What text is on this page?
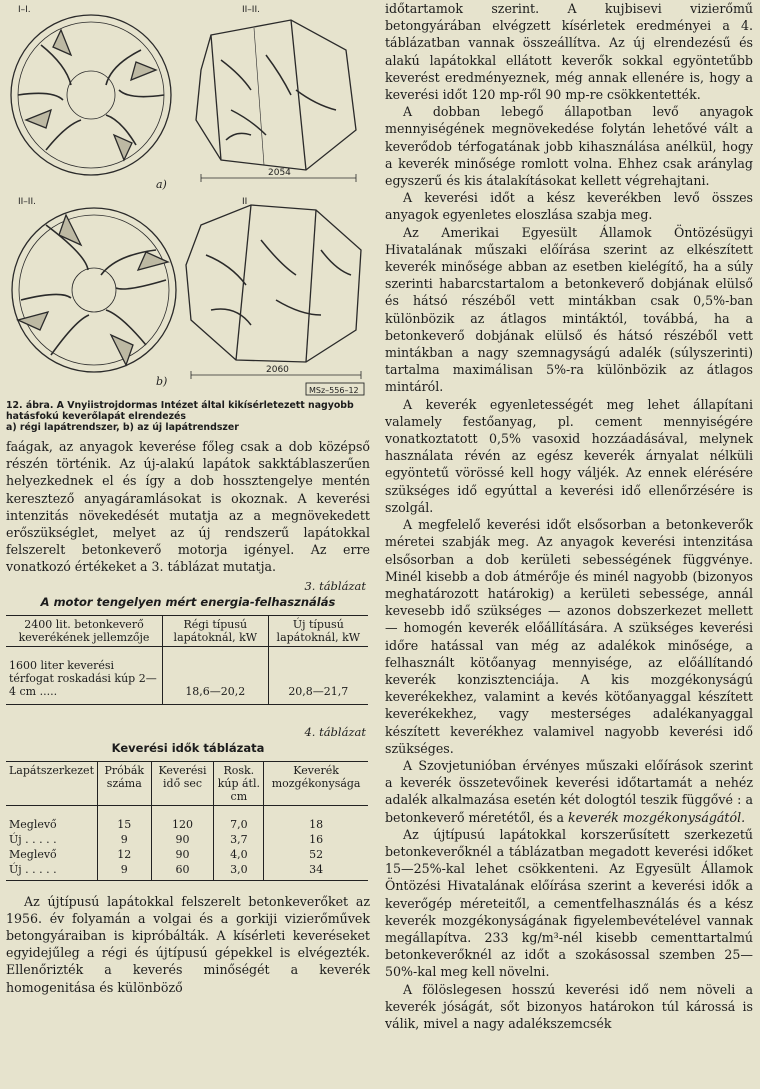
I–I.	II–II.
2054
a)
II–II.	II
2060
b)
MSz–556–12

12. ábra. A Vnyiistrojdormas Intézet által kikísérletezett nagyobb hatásfokú keverőlapát elrendezés
a) régi lapátrendszer, b) az új lapátrendszer

faágak, az anyagok keverése főleg csak a dob középső részén történik. Az új-alakú lapátok sakktáblaszerűen helyezkednek el és így a dob hossztengelye mentén keresztező anyagáramlásokat is okoznak. A keverési intenzitás növekedését mutatja az a megnövekedett erőszükséglet, melyet az új rendszerű lapátokkal felszerelt betonkeverő motorja igényel. Az erre vonatkozó értékeket a 3. táblázat mutatja.

3. táblázat

A motor tengelyen mért energia-felhasználás

2400 lit. betonkeverő keverékének jellemzője	Régi típusú lapátoknál, kW	Új típusú lapátoknál, kW
1600 liter keverési térfogat roskadási kúp 2—4 cm .....	18,6—20,2	20,8—21,7

4. táblázat

Keverési idők táblázata

Lapátszerkezet	Próbák száma	Keverési idő sec	Rosk. kúp átl. cm	Keverék mozgékonysága
Meglevő	15	120	7,0	18
Új . . . . .	9	90	3,7	16
Meglevő	12	90	4,0	52
Új . . . . .	9	60	3,0	34

Az újtípusú lapátokkal felszerelt betonkeverőket az 1956. év folyamán a volgai és a gorkiji vizierőművek betongyáraiban is kipróbálták. A kísérleti keveréseket egyidejűleg a régi és újtípusú gépekkel is elvégezték. Ellenőrizték a keverés minőségét a keverék homogenitása és különböző

időtartamok szerint. A kujbisevi vizierőmű betongyárában elvégzett kísérletek eredményei a 4. táblázatban vannak összeállítva. Az új elrendezésű és alakú lapátokkal ellátott keverők sokkal egyöntetűbb keverést eredményeznek, még annak ellenére is, hogy a keverési időt 120 mp-ről 90 mp-re csökkentették.

A dobban lebegő állapotban levő anyagok mennyiségének megnövekedése folytán lehetővé vált a keverődob térfogatának jobb kihasználása anélkül, hogy a keverék minősége romlott volna. Ehhez csak aránylag egyszerű és kis átalakításokat kellett végrehajtani.

A keverési időt a kész keverékben levő összes anyagok egyenletes eloszlása szabja meg.

Az Amerikai Egyesült Államok Öntözésügyi Hivatalának műszaki előírása szerint az elkészített keverék minősége abban az esetben kielégítő, ha a súly szerinti habarcstartalom a betonkeverő dobjának elülső és hátsó részéből vett mintákban csak 0,5%-ban különbözik az átlagos mintáktól, továbbá, ha a betonkeverő dobjának elülső és hátsó részéből vett mintákban a nagy szemnagyságú adalék (súlyszerinti) tartalma maximálisan 5%-ra különbözik az átlagos mintáról.

A keverék egyenletességét meg lehet állapítani valamely festőanyag, pl. cement mennyiségére vonatkoztatott 0,5% vasoxid hozzáadásával, melynek használata révén az egész keverék árnyalat nélküli egyöntetű vörössé kell hogy váljék. Az ennek elérésére szükséges idő egyúttal a keverési idő ellenőrzésére is szolgál.

A megfelelő keverési időt elsősorban a betonkeverők méretei szabják meg. Az anyagok keverési intenzitása elsősorban a dob kerületi sebességének függvénye. Minél kisebb a dob átmérője és minél nagyobb (bizonyos meghatározott határokig) a kerületi sebessége, annál kevesebb idő szükséges — azonos dobszerkezet mellett — homogén keverék előállítására. A szükséges keverési időre hatással van még az adalékok minősége, a felhasznált kötőanyag mennyisége, az előállítandó keverék konzisztenciája. A kis mozgékonyságú keverékekhez, valamint a kevés kötőanyaggal készített keverékekhez, vagy mesterséges adalékanyaggal készített keverékhez valamivel nagyobb keverési idő szükséges.

A Szovjetunióban érvényes műszaki előírások szerint a keverék összetevőinek keverési időtartamát a nehéz adalék alkalmazása esetén két dologtól teszik függővé : a betonkeverő méretétől, és a keverék mozgékonyságától.

Az újtípusú lapátokkal korszerűsített szerkezetű betonkeverőknél a táblázatban megadott keverési időket 15—25%-kal lehet csökkenteni. Az Egyesült Államok Öntözési Hivatalának előírása szerint a keverési idők a keverőgép méreteitől, a cementfelhasználás és a kész keverék mozgékonyságának figyelembevételével vannak megállapítva. 233 kg/m³-nél kisebb cementtartalmú betonkeverőknél az időt a szokásossal szemben 25—50%-kal meg kell növelni.

A fölöslegesen hosszú keverési idő nem növeli a keverék jóságát, sőt bizonyos határokon túl károssá is válik, mivel a nagy adalékszemcsék
